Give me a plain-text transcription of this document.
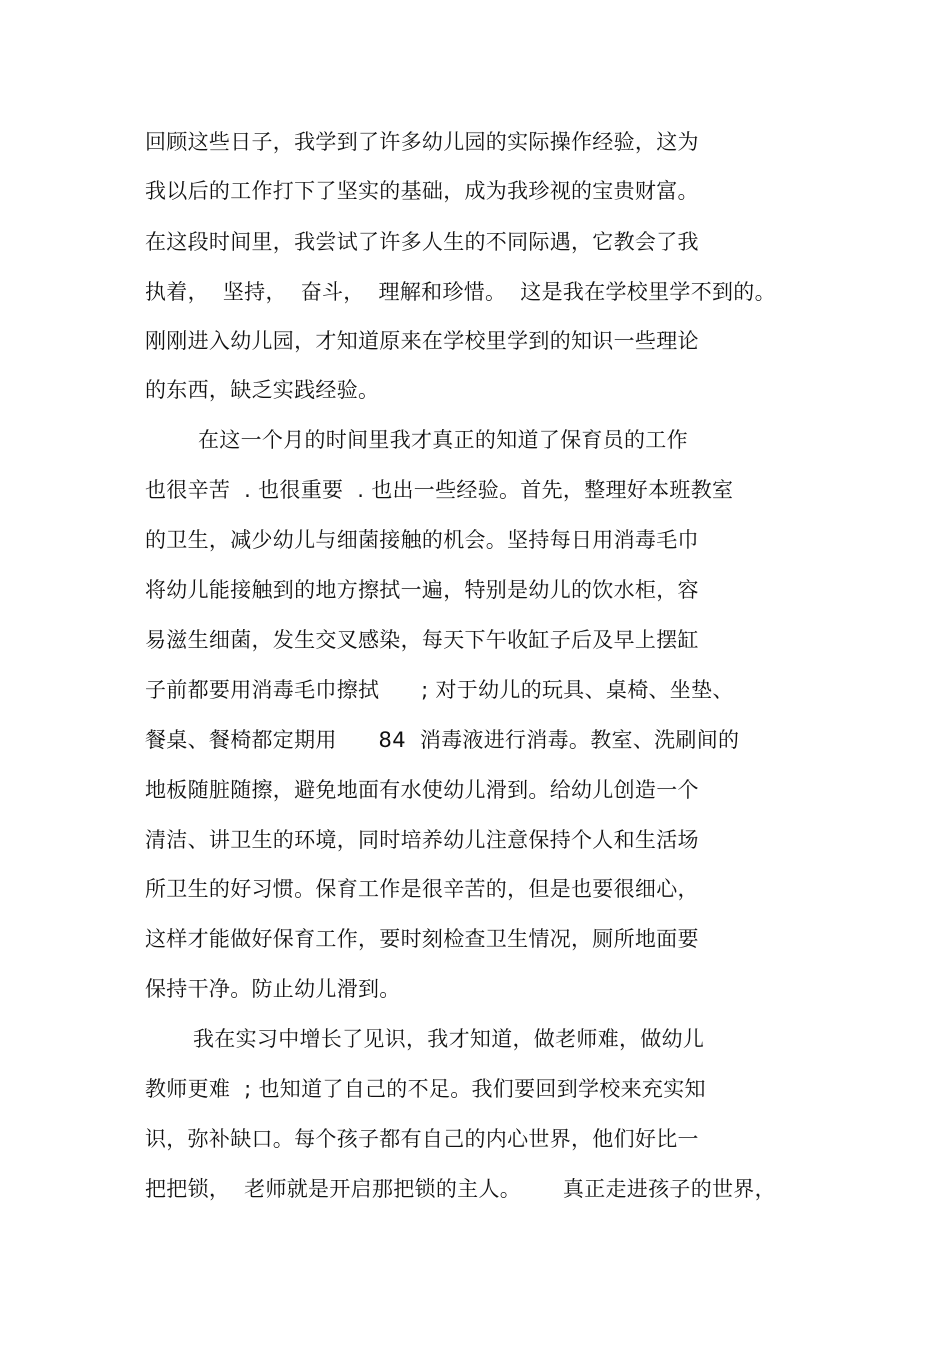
回顾这些日子，我学到了许多幼儿园的实际操作经验，这为
我以后的工作打下了坚实的基础，成为我珍视的宝贵财富。
在这段时间里，我尝试了许多人生的不同际遇，它教会了我
执着，  坚持，  奋斗，  理解和珍惜。  这是我在学校里学不到的。
刚刚进入幼儿园，才知道原来在学校里学到的知识一些理论
的东西，缺乏实践经验。
在这一个月的时间里我才真正的知道了保育员的工作
也很辛苦  . 也很重要  . 也出一些经验。首先，整理好本班教室
的卫生，减少幼儿与细菌接触的机会。坚持每日用消毒毛巾
将幼儿能接触到的地方擦拭一遍，特别是幼儿的饮水柜，容
易滋生细菌，发生交叉感染，每天下午收缸子后及早上摆缸
子前都要用消毒毛巾擦拭      ; 对于幼儿的玩具、桌椅、坐垫、
餐桌、餐椅都定期用      84  消毒液进行消毒。教室、洗刷间的
地板随脏随擦，避免地面有水使幼儿滑到。给幼儿创造一个
清洁、讲卫生的环境，同时培养幼儿注意保持个人和生活场
所卫生的好习惯。保育工作是很辛苦的，但是也要很细心，
这样才能做好保育工作，要时刻检查卫生情况，厕所地面要
保持干净。防止幼儿滑到。
我在实习中增长了见识，我才知道，做老师难，做幼儿
教师更难  ; 也知道了自己的不足。我们要回到学校来充实知
识，弥补缺口。每个孩子都有自己的内心世界，他们好比一
把把锁，  老师就是开启那把锁的主人。      真正走进孩子的世界，
